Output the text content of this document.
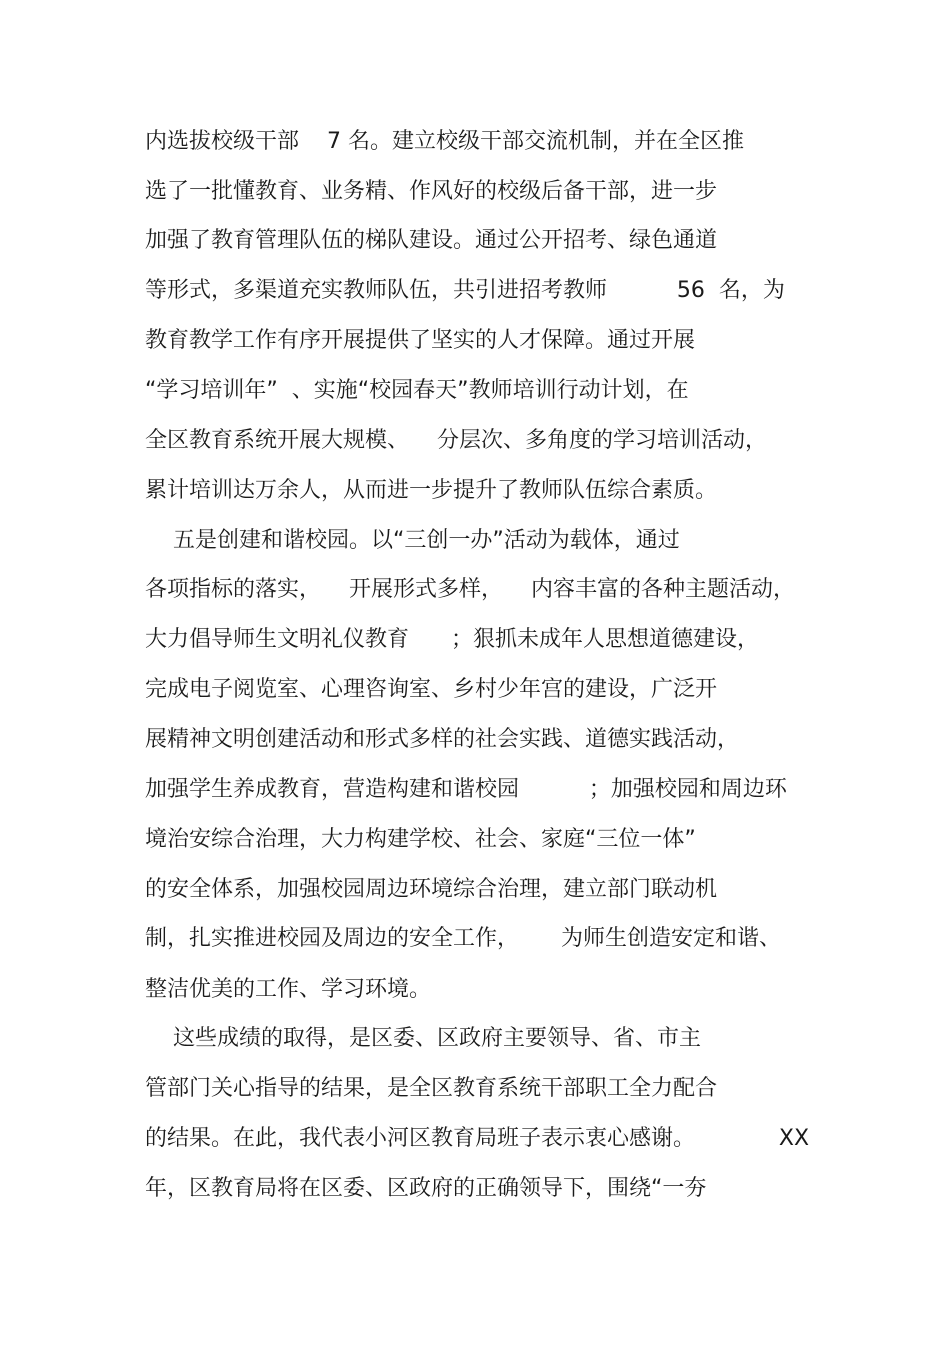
内选拔校级干部    7 名。建立校级干部交流机制，并在全区推
选了一批懂教育、业务精、作风好的校级后备干部，进一步
加强了教育管理队伍的梯队建设。通过公开招考、绿色通道
等形式，多渠道充实教师队伍，共引进招考教师          56  名，为
教育教学工作有序开展提供了坚实的人才保障。通过开展
“学习培训年”  、实施“校园春天”教师培训行动计划，在
全区教育系统开展大规模、    分层次、多角度的学习培训活动，
累计培训达万余人，从而进一步提升了教师队伍综合素质。
五是创建和谐校园。以“三创一办”活动为载体，通过
各项指标的落实，    开展形式多样，    内容丰富的各种主题活动，
大力倡导师生文明礼仪教育      ；狠抓未成年人思想道德建设，
完成电子阅览室、心理咨询室、乡村少年宫的建设，广泛开
展精神文明创建活动和形式多样的社会实践、道德实践活动，
加强学生养成教育，营造构建和谐校园          ；加强校园和周边环
境治安综合治理，大力构建学校、社会、家庭“三位一体”
的安全体系，加强校园周边环境综合治理，建立部门联动机
制，扎实推进校园及周边的安全工作，      为师生创造安定和谐、
整洁优美的工作、学习环境。
这些成绩的取得，是区委、区政府主要领导、省、市主
管部门关心指导的结果，是全区教育系统干部职工全力配合
的结果。在此，我代表小河区教育局班子表示衷心感谢。            XX
年，区教育局将在区委、区政府的正确领导下，围绕“一夯
